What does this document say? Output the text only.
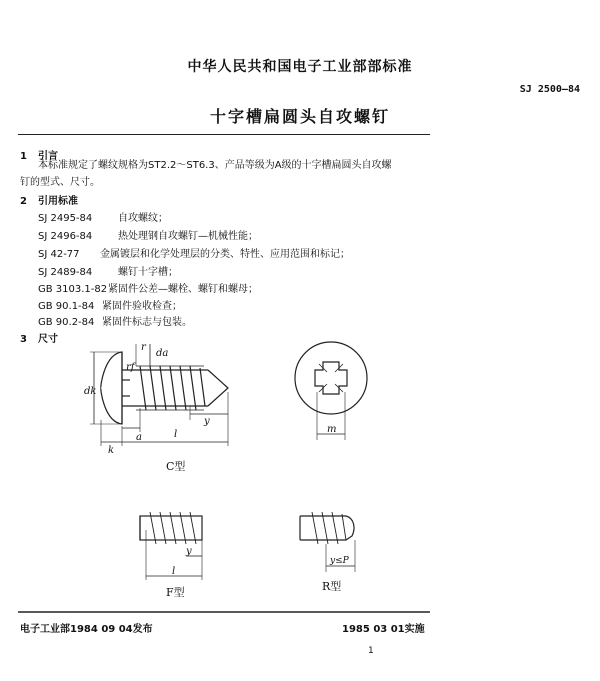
中华人民共和国电子工业部部标准
SJ 2500—84
十字槽扁圆头自攻螺钉
1 引言
本标准规定了螺纹规格为ST2.2～ST6.3、产品等级为A级的十字槽扁圆头自攻螺
钉的型式、尺寸。
2 引用标准
SJ 2495-84	自攻螺纹；
SJ 2496-84	热处理钢自攻螺钉—机械性能；
SJ 42-77 金属镀层和化学处理层的分类、特性、应用范围和标记；
SJ 2489-84	螺钉十字槽；
GB 3103.1-82紧固件公差—螺栓、螺钉和螺母；
GB 90.1-84 紧固件验收检查；
GB 90.2-84 紧固件标志与包装。
3 尺寸
dk
da
r
rf
a
k
l
y
C型
m
y
l
F型
y≤P
R型
电子工业部1984 09 04发布	1985 03 01实施
1
